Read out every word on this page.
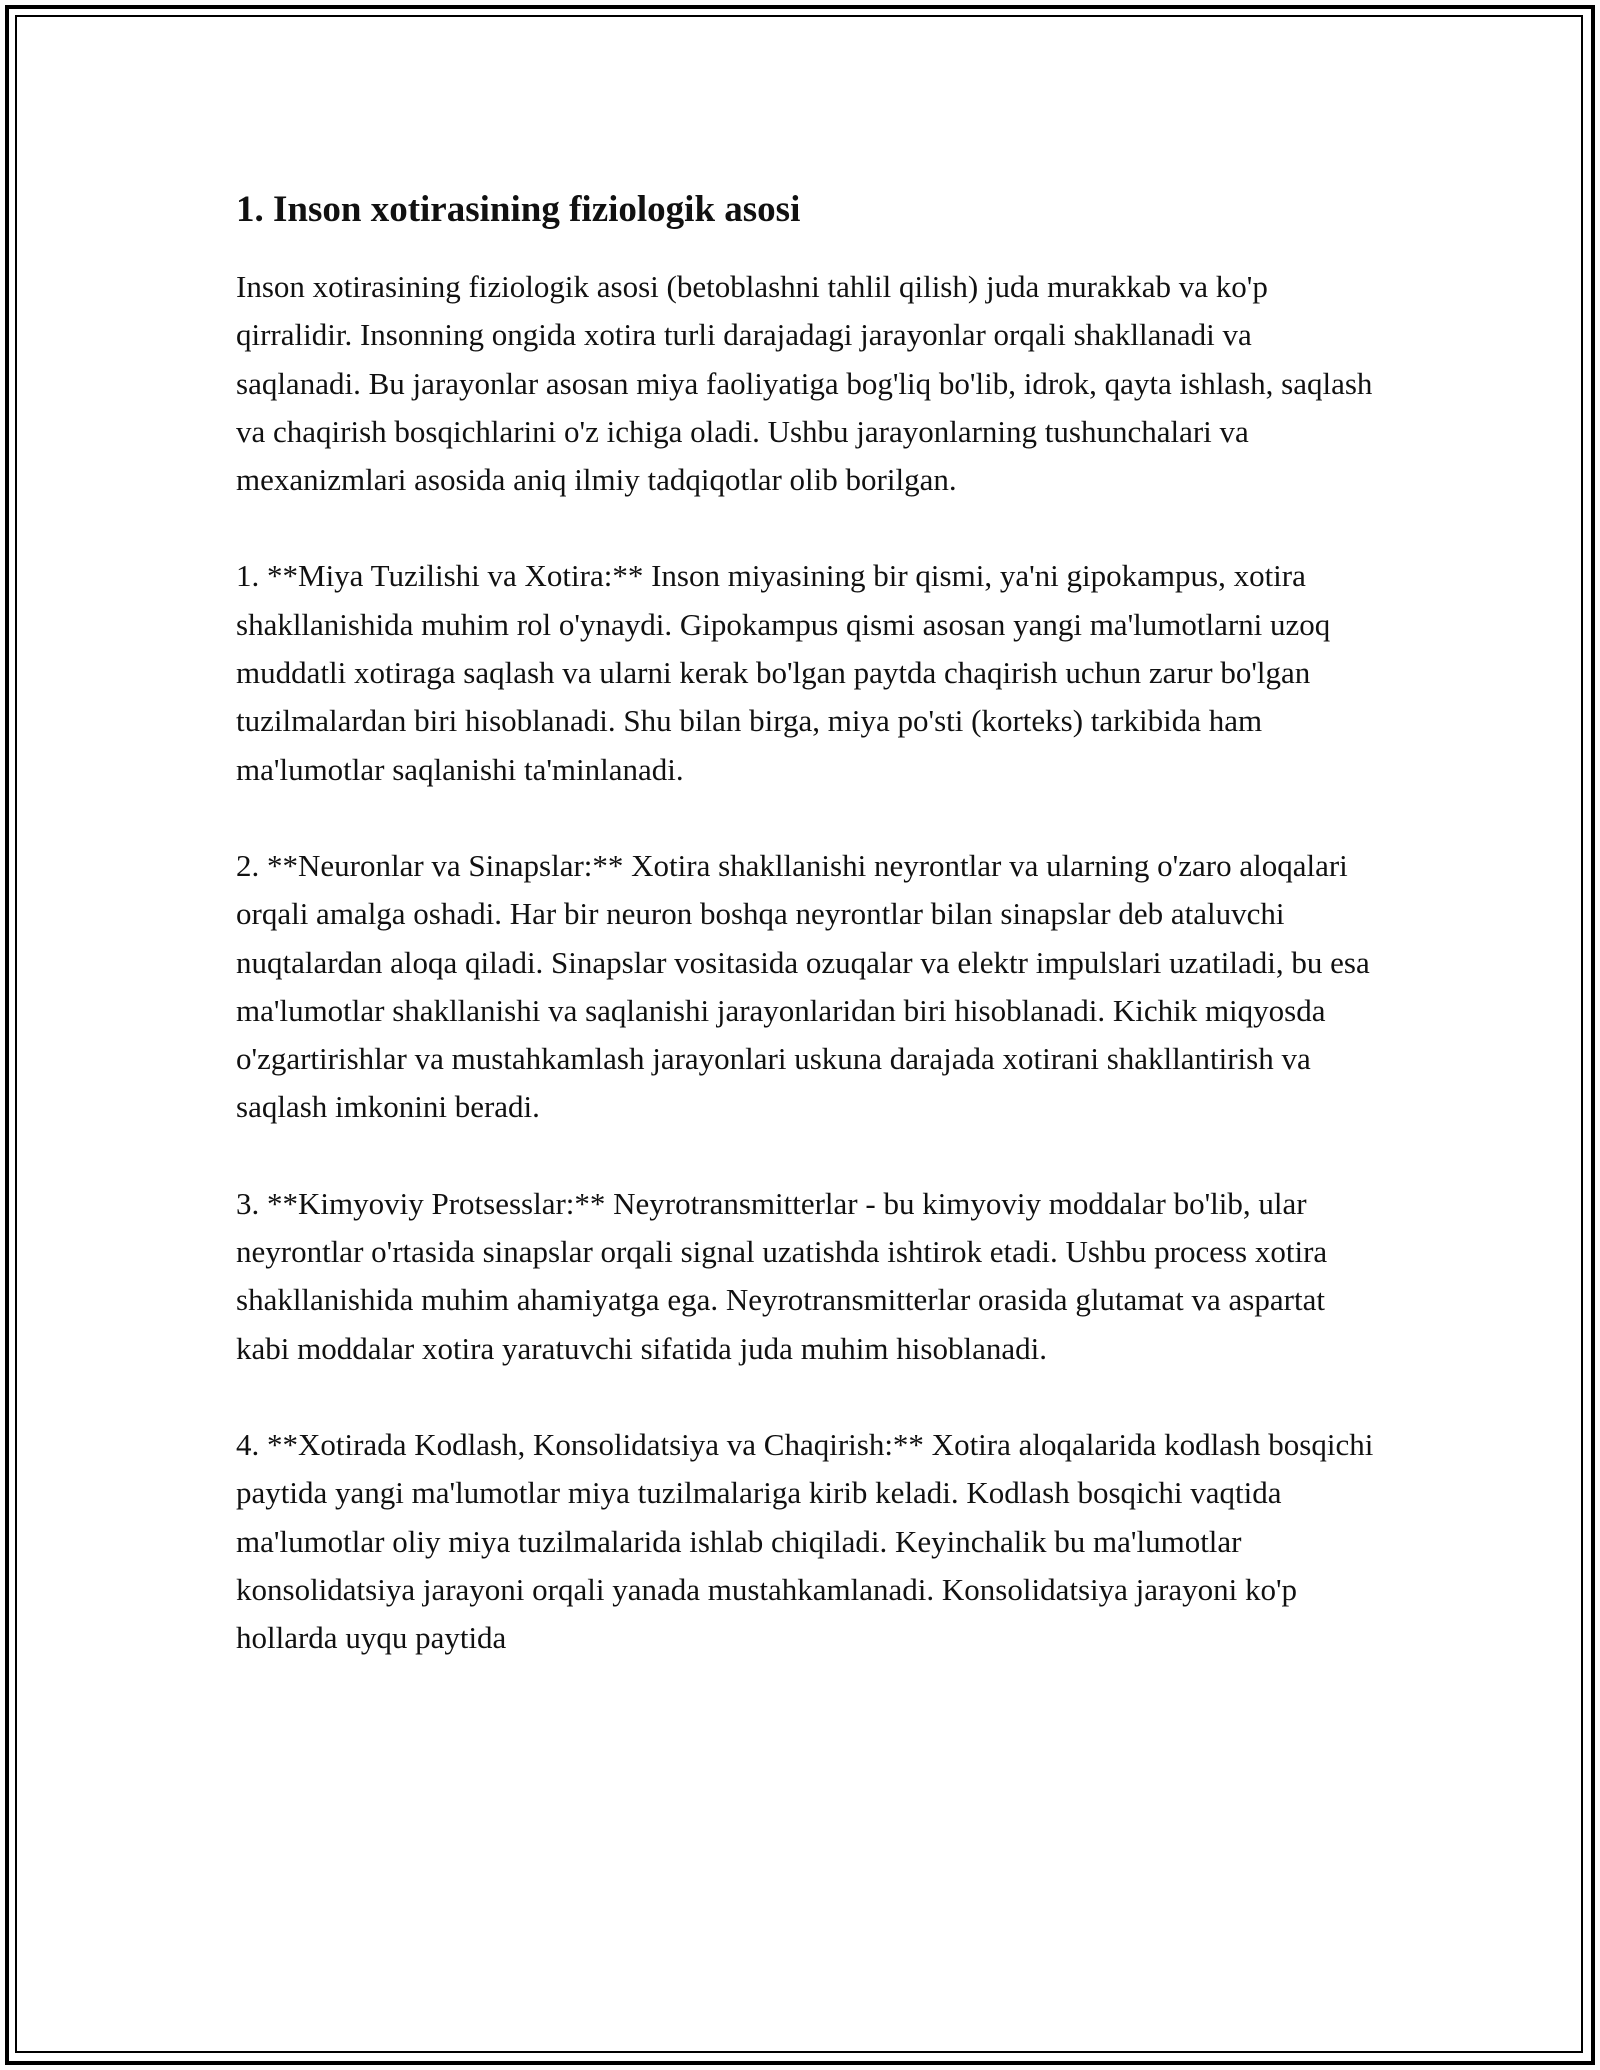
1. Inson xotirasining fiziologik asosi

Inson xotirasining fiziologik asosi (betoblashni tahlil qilish) juda murakkab va ko'p qirralidir. Insonning ongida xotira turli darajadagi jarayonlar orqali shakllanadi va saqlanadi. Bu jarayonlar asosan miya faoliyatiga bog'liq bo'lib, idrok, qayta ishlash, saqlash va chaqirish bosqichlarini o'z ichiga oladi. Ushbu jarayonlarning tushunchalari va mexanizmlari asosida aniq ilmiy tadqiqotlar olib borilgan.

1. **Miya Tuzilishi va Xotira:** Inson miyasining bir qismi, ya'ni gipokampus, xotira shakllanishida muhim rol o'ynaydi. Gipokampus qismi asosan yangi ma'lumotlarni uzoq muddatli xotiraga saqlash va ularni kerak bo'lgan paytda chaqirish uchun zarur bo'lgan tuzilmalardan biri hisoblanadi. Shu bilan birga, miya po'sti (korteks) tarkibida ham ma'lumotlar saqlanishi ta'minlanadi.

2. **Neuronlar va Sinapslar:** Xotira shakllanishi neyrontlar va ularning o'zaro aloqalari orqali amalga oshadi. Har bir neuron boshqa neyrontlar bilan sinapslar deb ataluvchi nuqtalardan aloqa qiladi. Sinapslar vositasida ozuqalar va elektr impulslari uzatiladi, bu esa ma'lumotlar shakllanishi va saqlanishi jarayonlaridan biri hisoblanadi. Kichik miqyosda o'zgartirishlar va mustahkamlash jarayonlari uskuna darajada xotirani shakllantirish va saqlash imkonini beradi.

3. **Kimyoviy Protsesslar:** Neyrotransmitterlar - bu kimyoviy moddalar bo'lib, ular neyrontlar o'rtasida sinapslar orqali signal uzatishda ishtirok etadi. Ushbu process xotira shakllanishida muhim ahamiyatga ega. Neyrotransmitterlar orasida glutamat va aspartat kabi moddalar xotira yaratuvchi sifatida juda muhim hisoblanadi.

4. **Xotirada Kodlash, Konsolidatsiya va Chaqirish:** Xotira aloqalarida kodlash bosqichi paytida yangi ma'lumotlar miya tuzilmalariga kirib keladi. Kodlash bosqichi vaqtida ma'lumotlar oliy miya tuzilmalarida ishlab chiqiladi. Keyinchalik bu ma'lumotlar konsolidatsiya jarayoni orqali yanada mustahkamlanadi. Konsolidatsiya jarayoni ko'p hollarda uyqu paytida
